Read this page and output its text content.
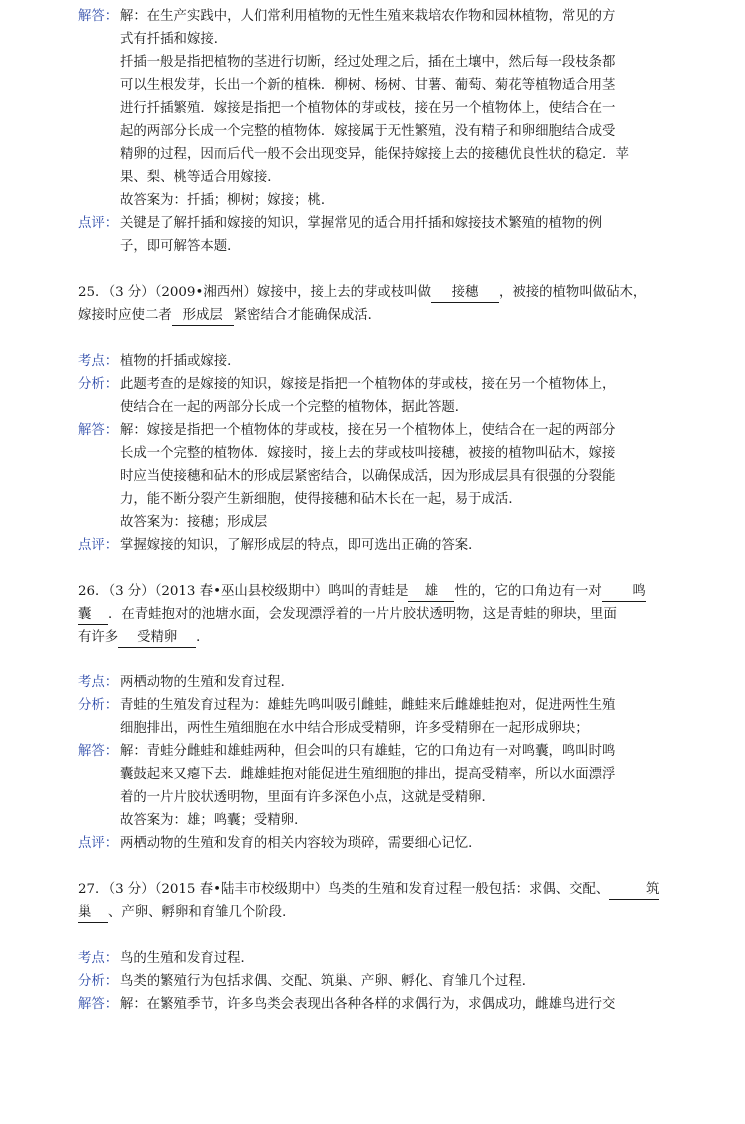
解答： 解：在生产实践中，人们常利用植物的无性生殖来栽培农作物和园林植物，常见的方
式有扦插和嫁接．
扦插一般是指把植物的茎进行切断，经过处理之后，插在土壤中，然后每一段枝条都
可以生根发芽，长出一个新的植株．柳树、杨树、甘薯、葡萄、菊花等植物适合用茎
进行扦插繁殖．嫁接是指把一个植物体的芽或枝，接在另一个植物体上，使结合在一
起的两部分长成一个完整的植物体．嫁接属于无性繁殖，没有精子和卵细胞结合成受
精卵的过程，因而后代一般不会出现变异，能保持嫁接上去的接穗优良性状的稳定．苹
果、梨、桃等适合用嫁接．
故答案为：扦插；柳树；嫁接；桃．
点评： 关键是了解扦插和嫁接的知识，掌握常见的适合用扦插和嫁接技术繁殖的植物的例
子，即可解答本题．
25．（3 分）（2009•湘西州）嫁接中，接上去的芽或枝叫做 接穗 ，被接的植物叫做砧木，
嫁接时应使二者 形成层 紧密结合才能确保成活．
考点： 植物的扦插或嫁接．
分析： 此题考查的是嫁接的知识，嫁接是指把一个植物体的芽或枝，接在另一个植物体上，
使结合在一起的两部分长成一个完整的植物体，据此答题．
解答： 解：嫁接是指把一个植物体的芽或枝，接在另一个植物体上，使结合在一起的两部分
长成一个完整的植物体．嫁接时，接上去的芽或枝叫接穗，被接的植物叫砧木，嫁接
时应当使接穗和砧木的形成层紧密结合，以确保成活，因为形成层具有很强的分裂能
力，能不断分裂产生新细胞，使得接穗和砧木长在一起，易于成活．
故答案为：接穗；形成层
点评： 掌握嫁接的知识，了解形成层的特点，即可选出正确的答案．
26．（3 分）（2013 春•巫山县校级期中）鸣叫的青蛙是 雄 性的，它的口角边有一对 鸣
囊 ．在青蛙抱对的池塘水面，会发现漂浮着的一片片胶状透明物，这是青蛙的卵块，里面
有许多 受精卵 ．
考点： 两栖动物的生殖和发育过程．
分析： 青蛙的生殖发育过程为：雄蛙先鸣叫吸引雌蛙，雌蛙来后雌雄蛙抱对，促进两性生殖
细胞排出，两性生殖细胞在水中结合形成受精卵，许多受精卵在一起形成卵块；
解答： 解：青蛙分雌蛙和雄蛙两种，但会叫的只有雄蛙，它的口角边有一对鸣囊，鸣叫时鸣
囊鼓起来又瘪下去．雌雄蛙抱对能促进生殖细胞的排出，提高受精率，所以水面漂浮
着的一片片胶状透明物，里面有许多深色小点，这就是受精卵．
故答案为：雄；鸣囊；受精卵．
点评： 两栖动物的生殖和发育的相关内容较为琐碎，需要细心记忆．
27．（3 分）（2015 春•陆丰市校级期中）鸟类的生殖和发育过程一般包括：求偶、交配、	筑
巢 、产卵、孵卵和育雏几个阶段．
考点： 鸟的生殖和发育过程．
分析： 鸟类的繁殖行为包括求偶、交配、筑巢、产卵、孵化、育雏几个过程．
解答： 解：在繁殖季节，许多鸟类会表现出各种各样的求偶行为，求偶成功，雌雄鸟进行交
